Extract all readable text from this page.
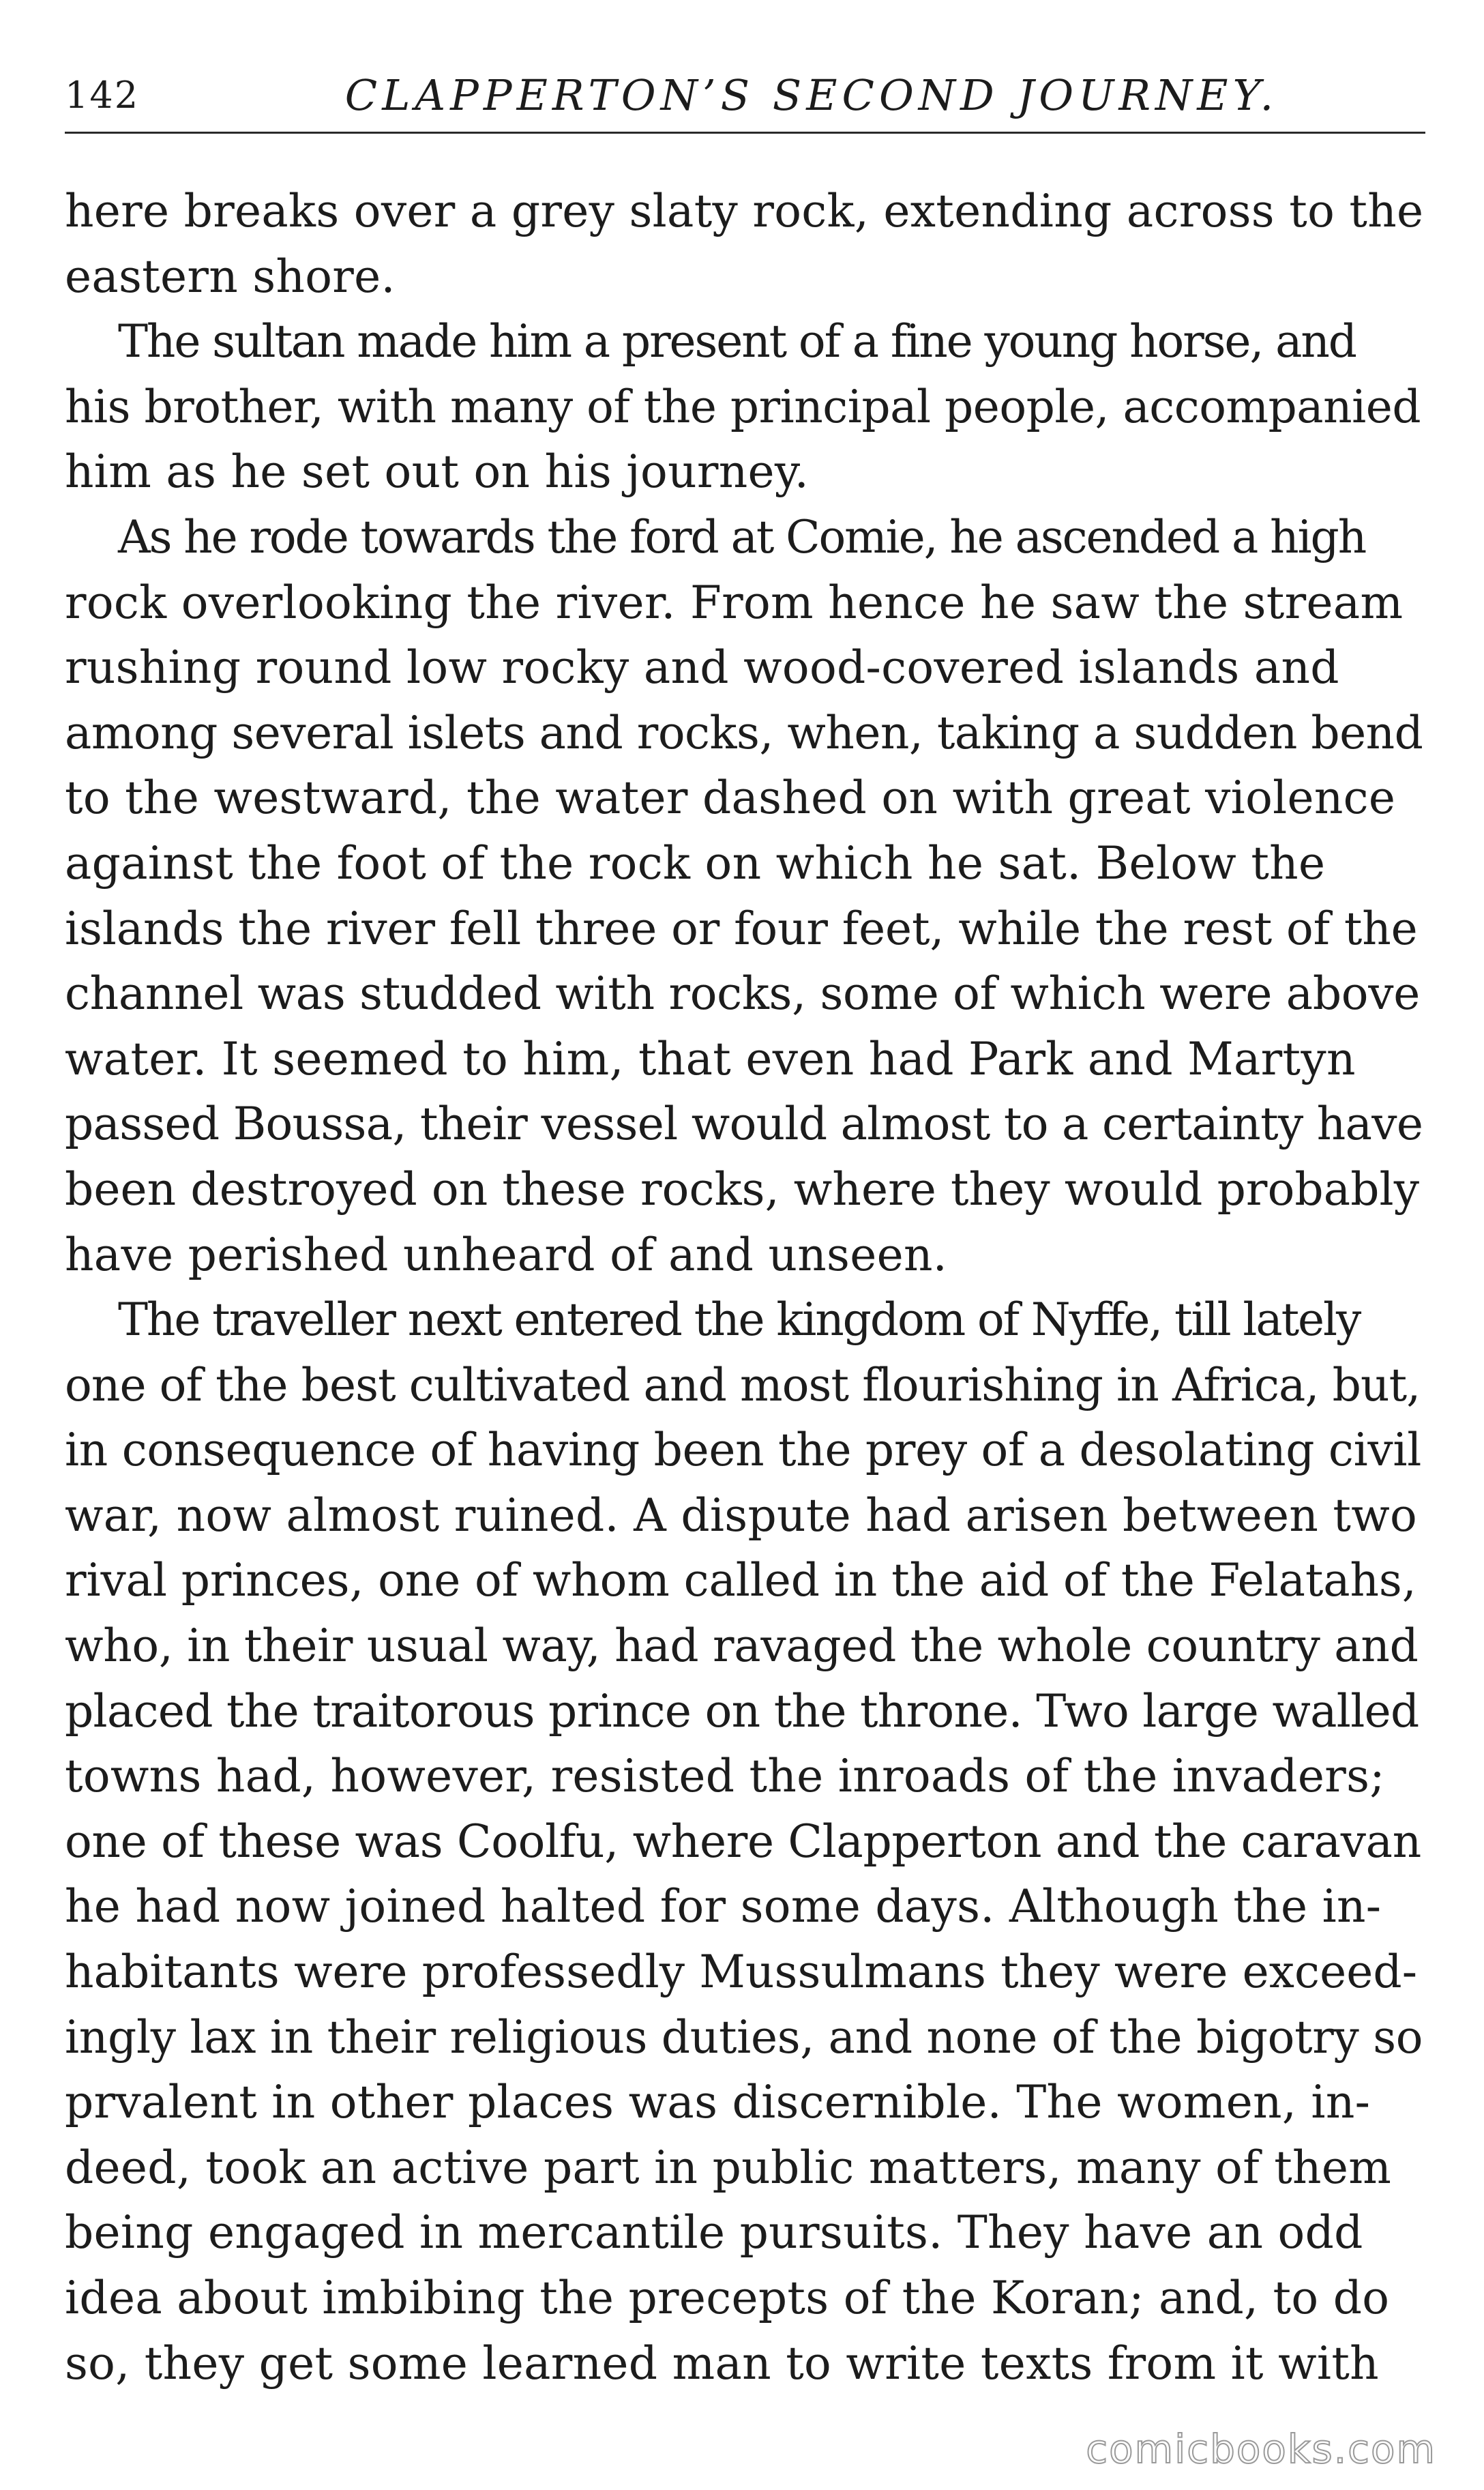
142	CLAPPERTON’S SECOND JOURNEY.

here breaks over a grey slaty rock, extending across to the
eastern shore.

The sultan made him a present of a fine young horse, and
his brother, with many of the principal people, accompanied
him as he set out on his journey.

As he rode towards the ford at Comie, he ascended a high
rock overlooking the river. From hence he saw the stream
rushing round low rocky and wood-covered islands and
among several islets and rocks, when, taking a sudden bend
to the westward, the water dashed on with great violence
against the foot of the rock on which he sat. Below the
islands the river fell three or four feet, while the rest of the
channel was studded with rocks, some of which were above
water. It seemed to him, that even had Park and Martyn
passed Boussa, their vessel would almost to a certainty have
been destroyed on these rocks, where they would probably
have perished unheard of and unseen.

The traveller next entered the kingdom of Nyffe, till lately
one of the best cultivated and most flourishing in Africa, but,
in consequence of having been the prey of a desolating civil
war, now almost ruined. A dispute had arisen between two
rival princes, one of whom called in the aid of the Felatahs,
who, in their usual way, had ravaged the whole country and
placed the traitorous prince on the throne. Two large walled
towns had, however, resisted the inroads of the invaders;
one of these was Coolfu, where Clapperton and the caravan
he had now joined halted for some days. Although the in-
habitants were professedly Mussulmans they were exceed-
ingly lax in their religious duties, and none of the bigotry so
prvalent in other places was discernible. The women, in-
deed, took an active part in public matters, many of them
being engaged in mercantile pursuits. They have an odd
idea about imbibing the precepts of the Koran; and, to do
so, they get some learned man to write texts from it with

comicbooks.com
